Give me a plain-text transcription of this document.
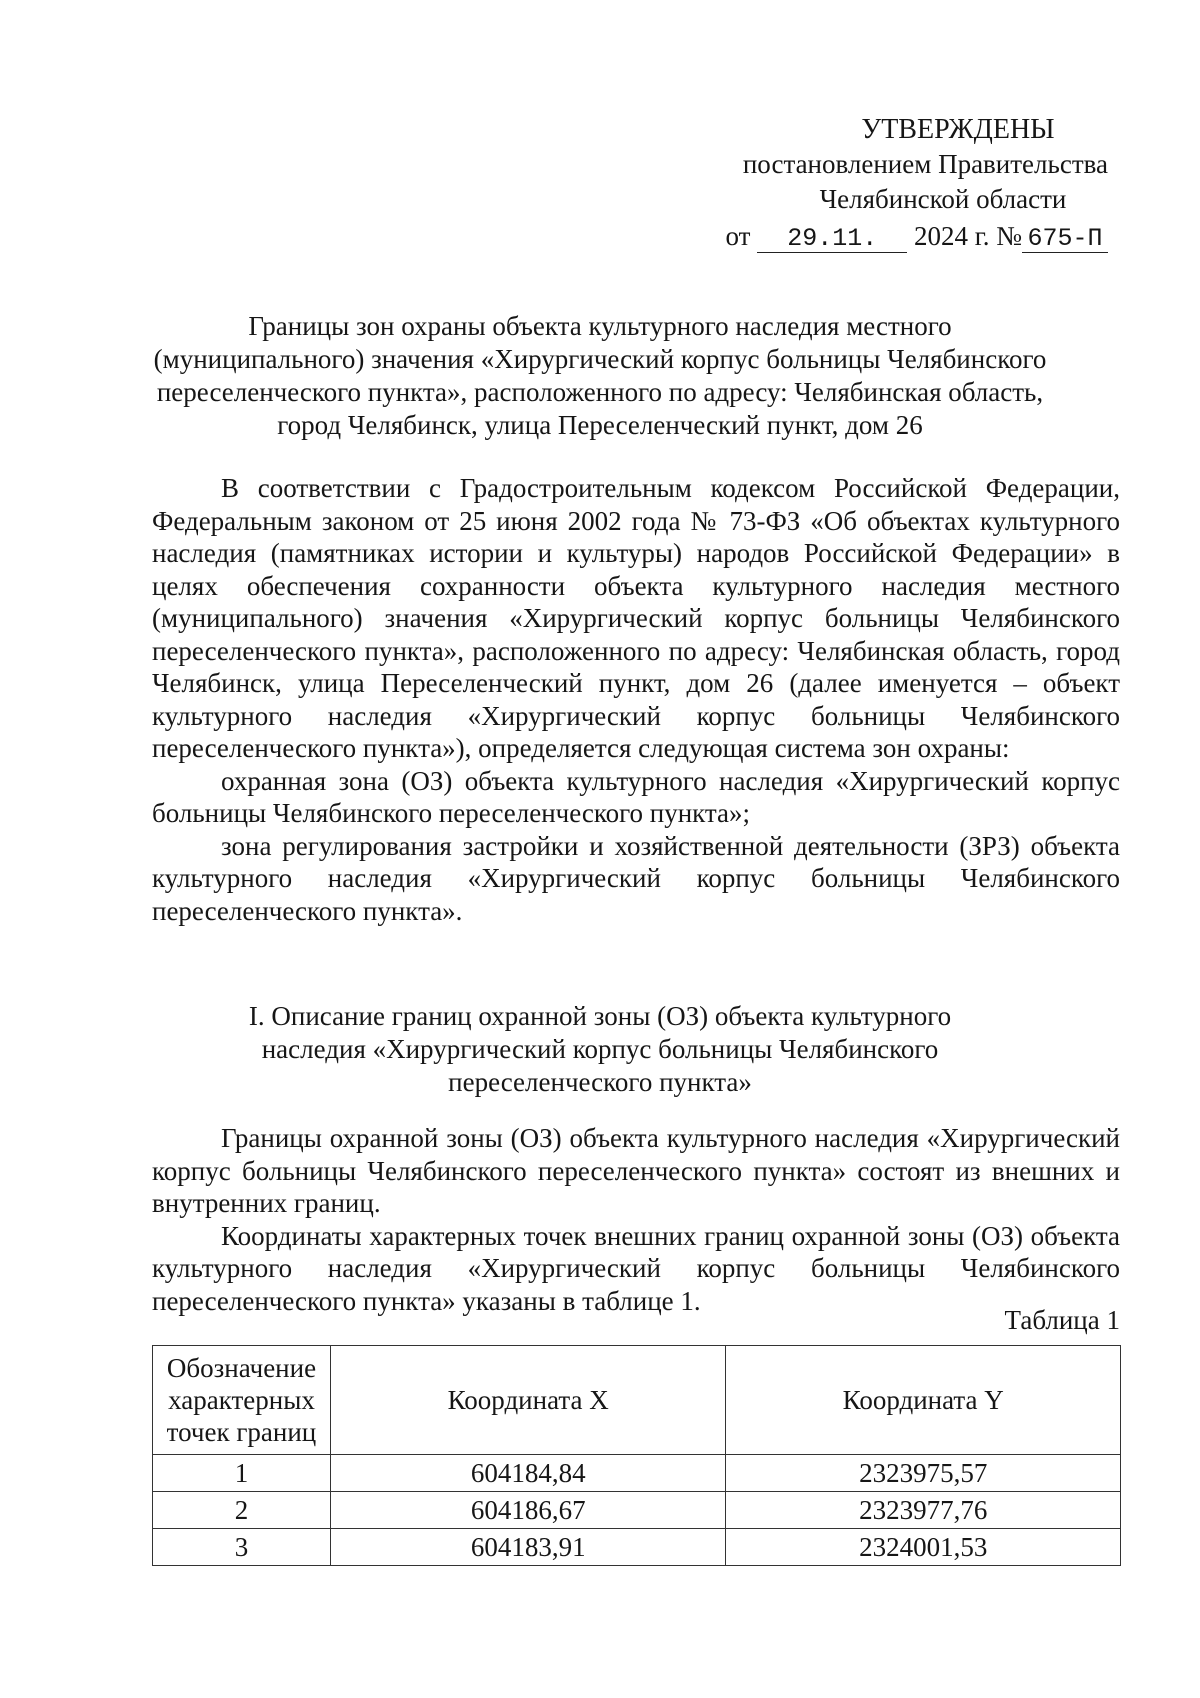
УТВЕРЖДЕНЫ
постановлением Правительства
Челябинской области
от 29.11. 2024 г. № 675-П
Границы зон охраны объекта культурного наследия местного
(муниципального) значения «Хирургический корпус больницы Челябинского
переселенческого пункта», расположенного по адресу: Челябинская область,
город Челябинск, улица Переселенческий пункт, дом 26

В соответствии с Градостроительным кодексом Российской Федерации, Федеральным законом от 25 июня 2002 года № 73-ФЗ «Об объектах культурного наследия (памятниках истории и культуры) народов Российской Федерации» в целях обеспечения сохранности объекта культурного наследия местного (муниципального) значения «Хирургический корпус больницы Челябинского переселенческого пункта», расположенного по адресу: Челябинская область, город Челябинск, улица Переселенческий пункт, дом 26 (далее именуется – объект культурного наследия «Хирургический корпус больницы Челябинского переселенческого пункта»), определяется следующая система зон охраны:

охранная зона (ОЗ) объекта культурного наследия «Хирургический корпус больницы Челябинского переселенческого пункта»;

зона регулирования застройки и хозяйственной деятельности (ЗРЗ) объекта культурного наследия «Хирургический корпус больницы Челябинского переселенческого пункта».

I. Описание границ охранной зоны (ОЗ) объекта культурного
наследия «Хирургический корпус больницы Челябинского
переселенческого пункта»

Границы охранной зоны (ОЗ) объекта культурного наследия «Хирургический корпус больницы Челябинского переселенческого пункта» состоят из внешних и внутренних границ.

Координаты характерных точек внешних границ охранной зоны (ОЗ) объекта культурного наследия «Хирургический корпус больницы Челябинского переселенческого пункта» указаны в таблице 1.

Таблица 1
Обозначение характерных точек границ	Координата X	Координата Y
1	604184,84	2323975,57
2	604186,67	2323977,76
3	604183,91	2324001,53
